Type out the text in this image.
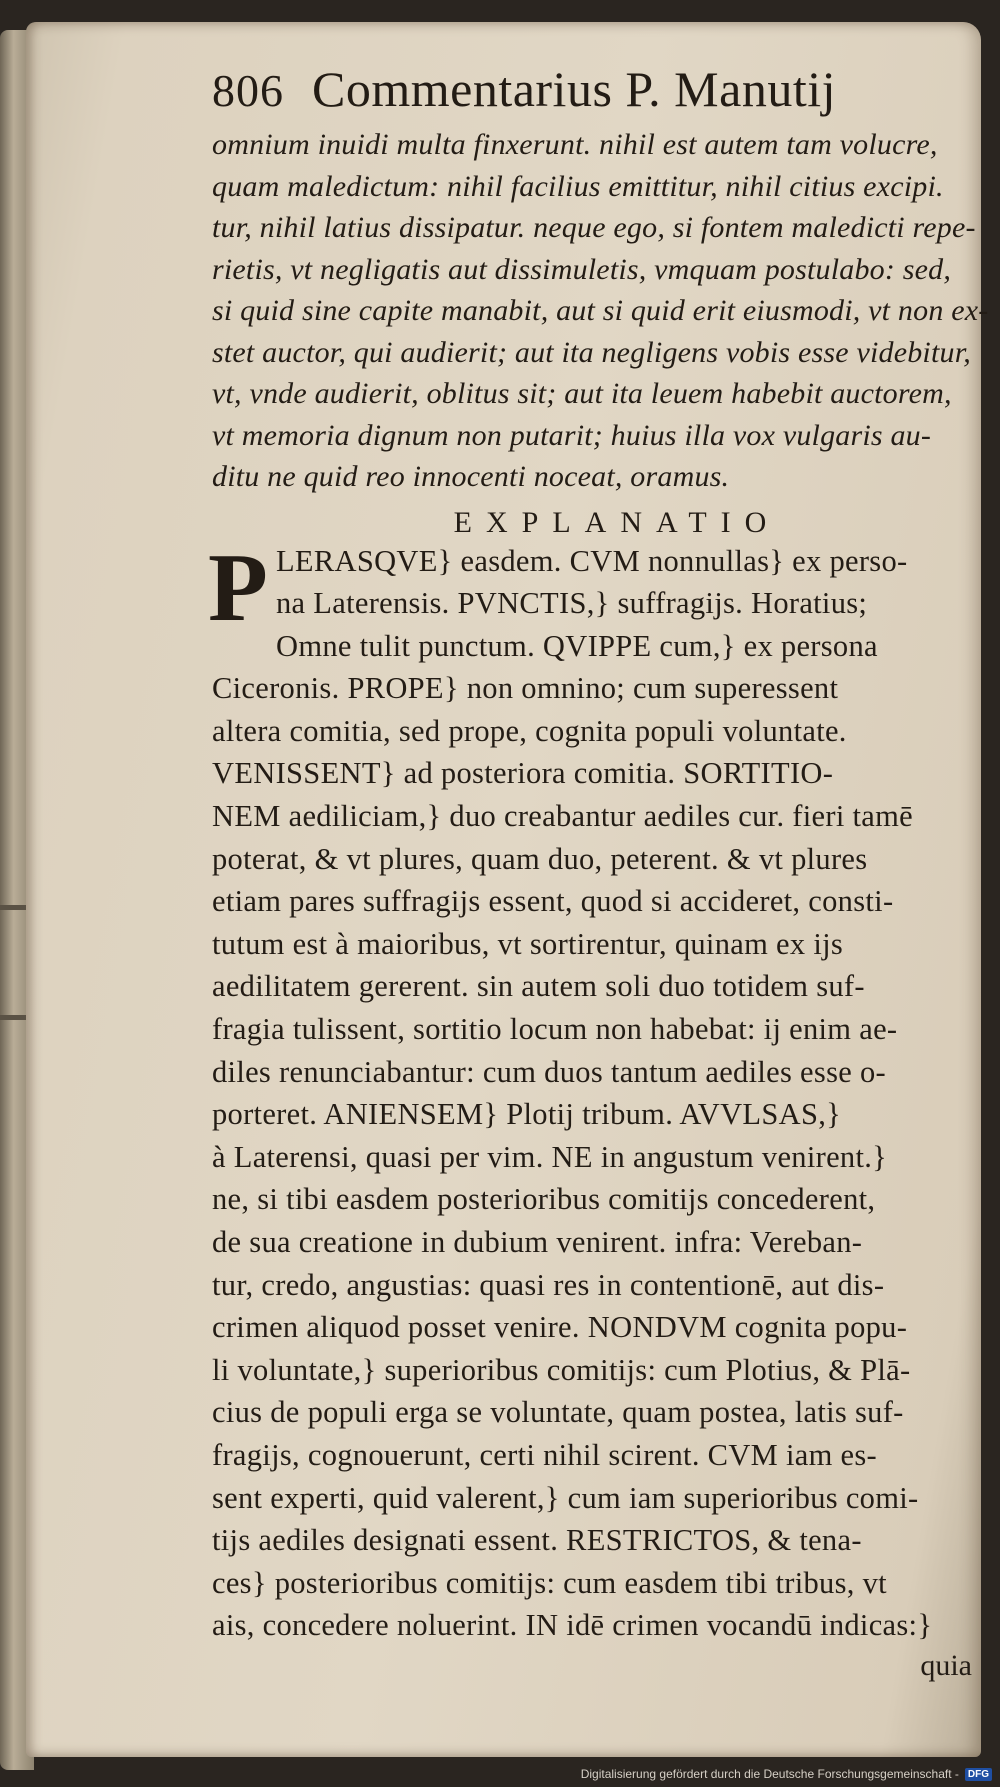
806 Commentarius P. Manutij
omnium inuidi multa finxerunt. nihil est autem tam volucre,
quam maledictum: nihil facilius emittitur, nihil citius excipi.
tur, nihil latius dissipatur. neque ego, si fontem maledicti repe-
rietis, vt negligatis aut dissimuletis, vmquam postulabo: sed,
si quid sine capite manabit, aut si quid erit eiusmodi, vt non ex-
stet auctor, qui audierit; aut ita negligens vobis esse videbitur,
vt, vnde audierit, oblitus sit; aut ita leuem habebit auctorem,
vt memoria dignum non putarit; huius illa vox vulgaris au-
ditu ne quid reo innocenti noceat, oramus.
EXPLANATIO
P LERASQVE} easdem. CVM nonnullas} ex perso-
na Laterensis. PVNCTIS,} suffragijs. Horatius;
Omne tulit punctum. QVIPPE cum,} ex persona
Ciceronis. PROPE} non omnino; cum superessent
altera comitia, sed prope, cognita populi voluntate.
VENISSENT} ad posteriora comitia. SORTITIO-
NEM aediliciam,} duo creabantur aediles cur. fieri tamē
poterat, & vt plures, quam duo, peterent. & vt plures
etiam pares suffragijs essent, quod si accideret, consti-
tutum est à maioribus, vt sortirentur, quinam ex ijs
aedilitatem gererent. sin autem soli duo totidem suf-
fragia tulissent, sortitio locum non habebat: ij enim ae-
diles renunciabantur: cum duos tantum aediles esse o-
porteret. ANIENSEM} Plotij tribum. AVVLSAS,}
à Laterensi, quasi per vim. NE in angustum venirent.}
ne, si tibi easdem posterioribus comitijs concederent,
de sua creatione in dubium venirent. infra: Vereban-
tur, credo, angustias: quasi res in contentionē, aut dis-
crimen aliquod posset venire. NONDVM cognita popu-
li voluntate,} superioribus comitijs: cum Plotius, & Plā-
cius de populi erga se voluntate, quam postea, latis suf-
fragijs, cognouerunt, certi nihil scirent. CVM iam es-
sent experti, quid valerent,} cum iam superioribus comi-
tijs aediles designati essent. RESTRICTOS, & tena-
ces} posterioribus comitijs: cum easdem tibi tribus, vt
ais, concedere noluerint. IN idē crimen vocandū indicas:}
quia
Digitalisierung gefördert durch die Deutsche Forschungsgemeinschaft - DFG
